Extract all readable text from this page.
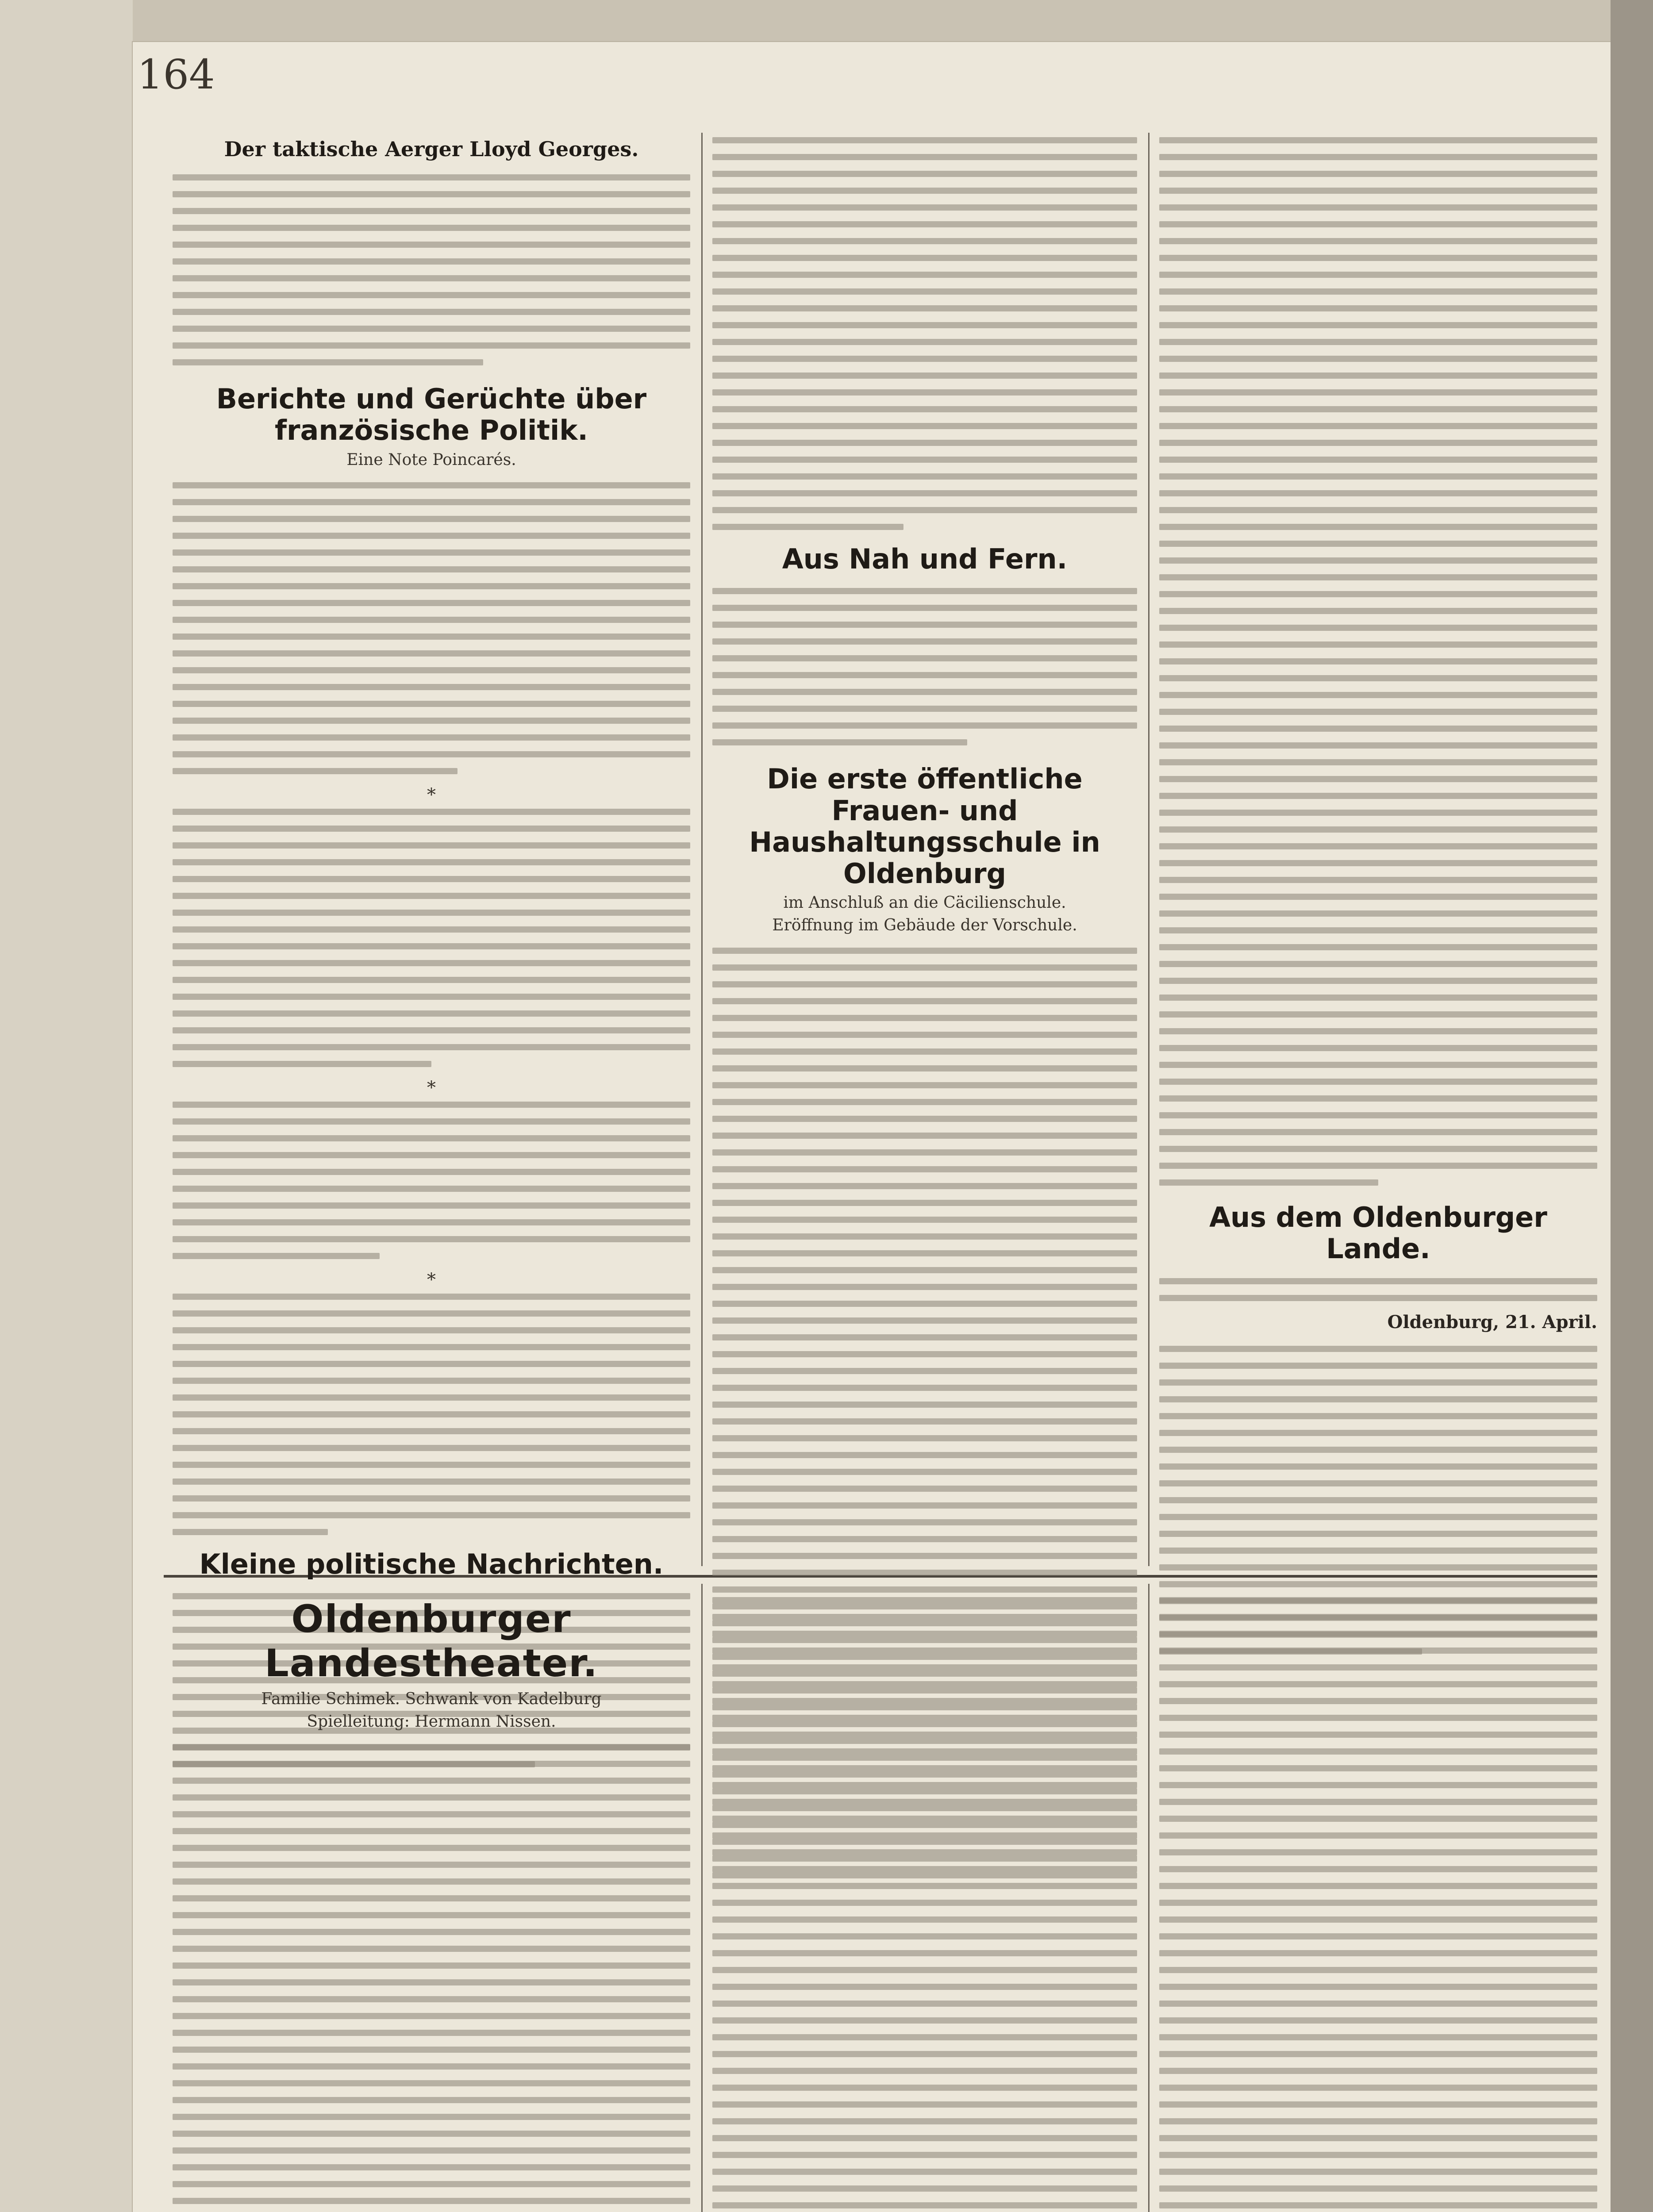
164
Der taktische Aerger Lloyd Georges.
Berichte und Gerüchte über französische Politik.
Eine Note Poincarés.
*
*
*
Kleine politische Nachrichten.
Aus Nah und Fern.
Die erste öffentliche Frauen- und Haushaltungsschule in Oldenburg
im Anschluß an die Cäcilienschule.
Eröffnung im Gebäude der Vorschule.
Aus dem Oldenburger Lande.
Oldenburg, 21. April.
Oldenburger Landestheater.
Familie Schimek. Schwank von Kadelburg
Spielleitung: Hermann Nissen.
